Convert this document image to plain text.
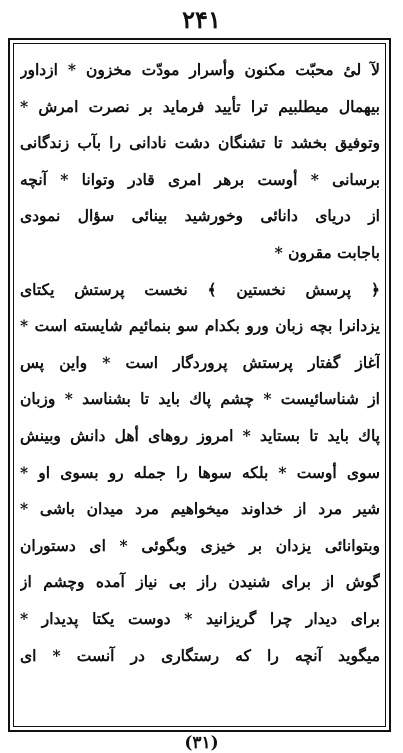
۲۴۱
لآ لیٔ محبّت مکنون وأسرار مودّت مخزون * ازداور
بیهمال میطلبیم ترا تأیید فرماید بر نصرت امرش *
وتوفیق بخشد تا تشنگان دشت نادانی را بآب زندگانی
برسانی * أوست برهر امری قادر وتوانا * آنچه
از دریای دانائی وخورشید بینائی سؤال نمودی
باجابت مقرون *
﴿ پرسش نخستین ﴾ نخست پرستش یکتای
یزدانرا بچه زبان ورو بکدام سو بنمائیم شایسته است *
آغاز گفتار پرستش پروردگار است * واین پس
از شناسائیست * چشم پاك باید تا بشناسد * وزبان
پاك باید تا بستاید * امروز روهای أهل دانش وبینش
سوی أوست * بلکه سوها را جمله رو بسوی او *
شیر مرد از خداوند میخواهیم مرد میدان باشی *
وبتوانائی یزدان بر خیزی وبگوئی * ای دستوران
گوش از برای شنیدن راز بی نیاز آمده وچشم از
برای دیدار چرا گریزانید * دوست یکتا پدیدار *
میگوید آنچه را که رستگاری در آنست * ای
(۳۱)
